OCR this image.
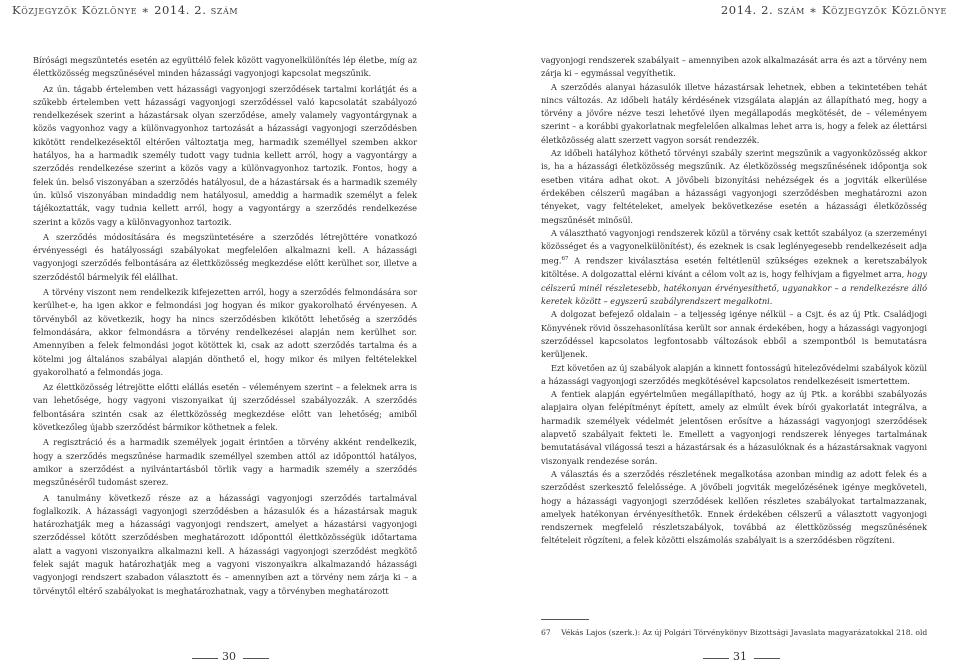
Közjegyzők Közlönye ∗ 2014. 2. szám	2014. 2. szám ∗ Közjegyzők Közlönye

Bírósági megszüntetés esetén az együttélő felek között vagyonelkülönítés lép életbe, míg az élettközösség megszűnésével minden házassági vagyonjogi kapcsolat megszűnik.

Az ún. tágabb értelemben vett házassági vagyonjogi szerződések tartalmi korlátját és a szűkebb értelemben vett házassági vagyonjogi szerződéssel való kapcsolatát szabályozó rendelkezések szerint a házastársak olyan szerződése, amely valamely vagyontárgynak a közös vagyonhoz vagy a különvagyonhoz tartozását a házassági vagyonjogi szerződésben kikötött rendelkezésektől eltérően változtatja meg, harmadik személlyel szemben akkor hatályos, ha a harmadik személy tudott vagy tudnia kellett arról, hogy a vagyontárgy a szerződés rendelkezése szerint a közös vagy a különvagyonhoz tartozik. Fontos, hogy a felek ún. belső viszonyában a szerződés hatályosul, de a házastársak és a harmadik személy ún. külső viszonyában mindaddig nem hatályosul, ameddig a harmadik személyt a felek tájékoztatták, vagy tudnia kellett arról, hogy a vagyontárgy a szerződés rendelkezése szerint a közös vagy a különvagyonhoz tartozik.

A szerződés módosítására és megszüntetésére a szerződés létrejöttére vonatkozó érvényességi és hatályossági szabályokat megfelelően alkalmazni kell. A házassági vagyonjogi szerződés felbontására az élettközösség megkezdése előtt kerülhet sor, illetve a szerződéstől bármelyik fél elállhat.

A törvény viszont nem rendelkezik kifejezetten arról, hogy a szerződés felmondására sor kerülhet-e, ha igen akkor e felmondási jog hogyan és mikor gyakorolható érvényesen. A törvényből az következik, hogy ha nincs szerződésben kikötött lehetőség a szerződés felmondására, akkor felmondásra a törvény rendelkezései alapján nem kerülhet sor. Amennyiben a felek felmondási jogot kötöttek ki, csak az adott szerződés tartalma és a kötelmi jog általános szabályai alapján dönthető el, hogy mikor és milyen feltételekkel gyakorolható a felmondás joga.

Az élettközösség létrejötte előtti elállás esetén – véleményem szerint – a feleknek arra is van lehetősége, hogy vagyoni viszonyaikat új szerződéssel szabályozzák. A szerződés felbontására szintén csak az élettközösség megkezdése előtt van lehetőség; amiből következőleg újabb szerződést bármikor köthetnek a felek.

A regisztráció és a harmadik személyek jogait érintően a törvény akként rendelkezik, hogy a szerződés megszűnése harmadik személlyel szemben attól az időponttól hatályos, amikor a szerződést a nyilvántartásból törlik vagy a harmadik személy a szerződés megszűnéséről tudomást szerez.

A tanulmány következő része az a házassági vagyonjogi szerződés tartalmával foglalkozik. A házassági vagyonjogi szerződésben a házasulók és a házastársak maguk határozhatják meg a házassági vagyonjogi rendszert, amelyet a házastársi vagyonjogi szerződéssel kötött szerződésben meghatározott időponttól élettközösségük időtartama alatt a vagyoni viszonyaikra alkalmazni kell. A házassági vagyonjogi szerződést megkötő felek saját maguk határozhatják meg a vagyoni viszonyaikra alkalmazandó házassági vagyonjogi rendszert szabadon választott és – amennyiben azt a törvény nem zárja ki – a törvénytől eltérő szabályokat is meghatározhatnak, vagy a törvényben meghatározott

vagyonjogi rendszerek szabályait – amennyiben azok alkalmazását arra és azt a törvény nem zárja ki – egymással vegyíthetik.

A szerződés alanyai házasulók illetve házastársak lehetnek, ebben a tekintetében tehát nincs változás. Az időbeli hatály kérdésének vizsgálata alapján az állapítható meg, hogy a törvény a jövőre nézve teszi lehetővé ilyen megállapodás megkötését, de – véleményem szerint – a korábbi gyakorlatnak megfelelően alkalmas lehet arra is, hogy a felek az élettársi életközösség alatt szerzett vagyon sorsát rendezzék.

Az időbeli hatályhoz köthető törvényi szabály szerint megszűnik a vagyonközösség akkor is, ha a házassági életközösség megszűnik. Az életközösség megszűnésének időpontja sok esetben vitára adhat okot. A jövőbeli bizonyítási nehézségek és a jogviták elkerülése érdekében célszerű magában a házassági vagyonjogi szerződésben meghatározni azon tényeket, vagy feltételeket, amelyek bekövetkezése esetén a házassági életközösség megszűnését minősül.

A választható vagyonjogi rendszerek közül a törvény csak kettőt szabályoz (a szerzeményi közösséget és a vagyonelkülönítést), és ezeknek is csak leglényegesebb rendelkezéseit adja meg.$^{67}$ A rendszer kiválasztása esetén feltétlenül szükséges ezeknek a keretszabályok kitöltése. A dolgozattal elérni kívánt a célom volt az is, hogy felhívjam a figyelmet arra, hogy célszerű minél részletesebb, hatékonyan érvényesíthető, ugyanakkor – a rendelkezésre álló keretek között – egyszerű szabályrendszert megalkotni.

A dolgozat befejező oldalain – a teljesség igénye nélkül – a Csjt. és az új Ptk. Családjogi Könyvének rövid összehasonlítása került sor annak érdekében, hogy a házassági vagyonjogi szerződéssel kapcsolatos legfontosabb változások ebből a szempontból is bemutatásra kerüljenek.

Ezt követően az új szabályok alapján a kinnett fontosságú hitelezővédelmi szabályok közül a házassági vagyonjogi szerződés megkötésével kapcsolatos rendelkezéseit ismertettem.

A fentiek alapján egyértelműen megállapítható, hogy az új Ptk. a korábbi szabályozás alapjaira olyan felépítményt épített, amely az elmúlt évek bírói gyakorlatát integrálva, a harmadik személyek védelmét jelentősen erősítve a házassági vagyonjogi szerződések alapvető szabályait fekteti le. Emellett a vagyonjogi rendszerek lényeges tartalmának bemutatásával világossá teszi a házastársak és a házasulóknak és a házastársaknak vagyoni viszonyaik rendezése során.

A választás és a szerződés részletének megalkotása azonban mindig az adott felek és a szerződést szerkesztő felelőssége. A jövőbeli jogviták megelőzésének igénye megköveteli, hogy a házassági vagyonjogi szerződések kellően részletes szabályokat tartalmazzanak, amelyek hatékonyan érvényesíthetők. Ennek érdekében célszerű a választott vagyonjogi rendszernek megfelelő részletszabályok, továbbá az élettközösség megszűnésének feltételeit rögzíteni, a felek közötti elszámolás szabályait is a szerződésben rögzíteni.

67 Vékás Lajos (szerk.): Az új Polgári Törvénykönyv Bizottsági Javaslata magyarázatokkal 218. old
30	31
